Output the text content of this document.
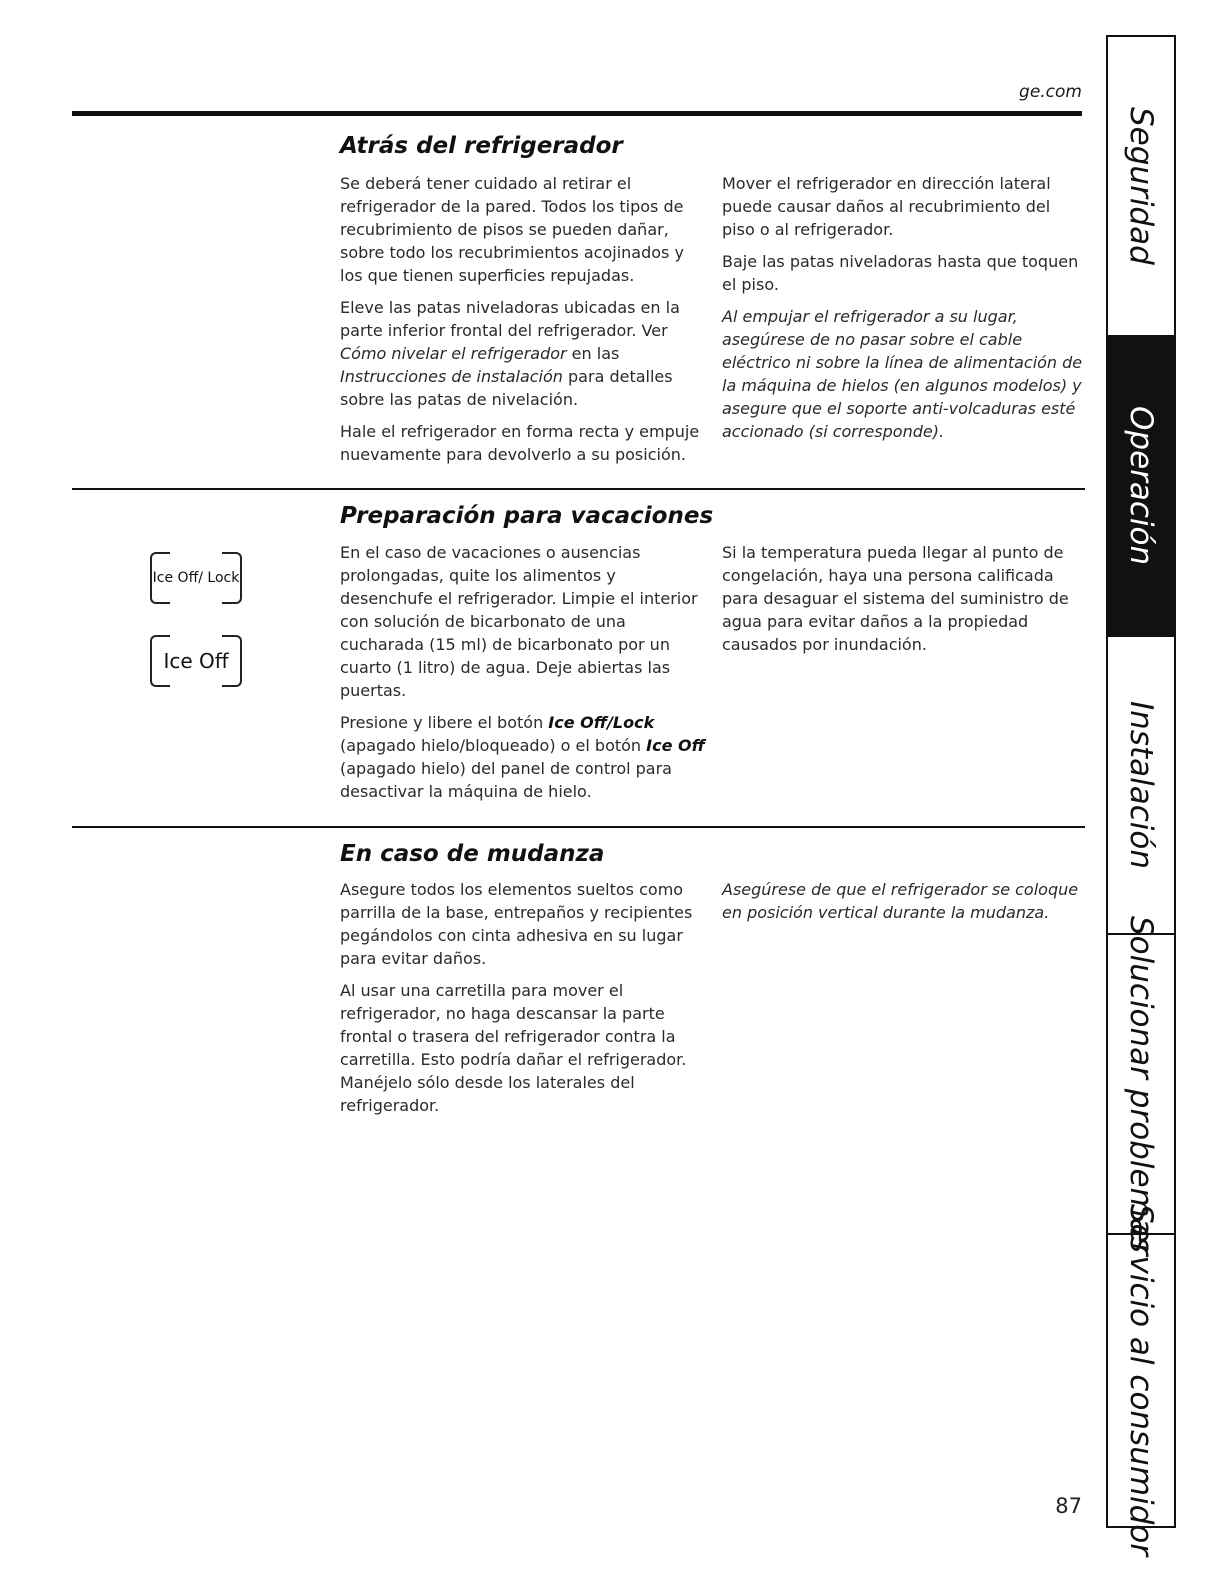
ge.com
Atrás del refrigerador

Se deberá tener cuidado al retirar el refrigerador de la pared. Todos los tipos de recubrimiento de pisos se pueden dañar, sobre todo los recubrimientos acojinados y los que tienen superficies repujadas.

Eleve las patas niveladoras ubicadas en la parte inferior frontal del refrigerador. Ver Cómo nivelar el refrigerador en las Instrucciones de instalación para detalles sobre las patas de nivelación.

Hale el refrigerador en forma recta y empuje nuevamente para devolverlo a su posición.

Mover el refrigerador en dirección lateral puede causar daños al recubrimiento del piso o al refrigerador.

Baje las patas niveladoras hasta que toquen el piso.

Al empujar el refrigerador a su lugar, asegúrese de no pasar sobre el cable eléctrico ni sobre la línea de alimentación de la máquina de hielos (en algunos modelos) y asegure que el soporte anti-volcaduras esté accionado (si corresponde).

Preparación para vacaciones
Ice Off/ Lock
Ice Off

En el caso de vacaciones o ausencias prolongadas, quite los alimentos y desenchufe el refrigerador. Limpie el interior con solución de bicarbonato de una cucharada (15 ml) de bicarbonato por un cuarto (1 litro) de agua. Deje abiertas las puertas.

Presione y libere el botón Ice Off/Lock (apagado hielo/bloqueado) o el botón Ice Off (apagado hielo) del panel de control para desactivar la máquina de hielo.

Si la temperatura pueda llegar al punto de congelación, haya una persona calificada para desaguar el sistema del suministro de agua para evitar daños a la propiedad causados por inundación.

En caso de mudanza

Asegure todos los elementos sueltos como parrilla de la base, entrepaños y recipientes pegándolos con cinta adhesiva en su lugar para evitar daños.

Al usar una carretilla para mover el refrigerador, no haga descansar la parte frontal o trasera del refrigerador contra la carretilla. Esto podría dañar el refrigerador. Manéjelo sólo desde los laterales del refrigerador.

Asegúrese de que el refrigerador se coloque en posición vertical durante la mudanza.

Seguridad
Operación
Instalación
Solucionar problemas
Servicio al consumidor
87
